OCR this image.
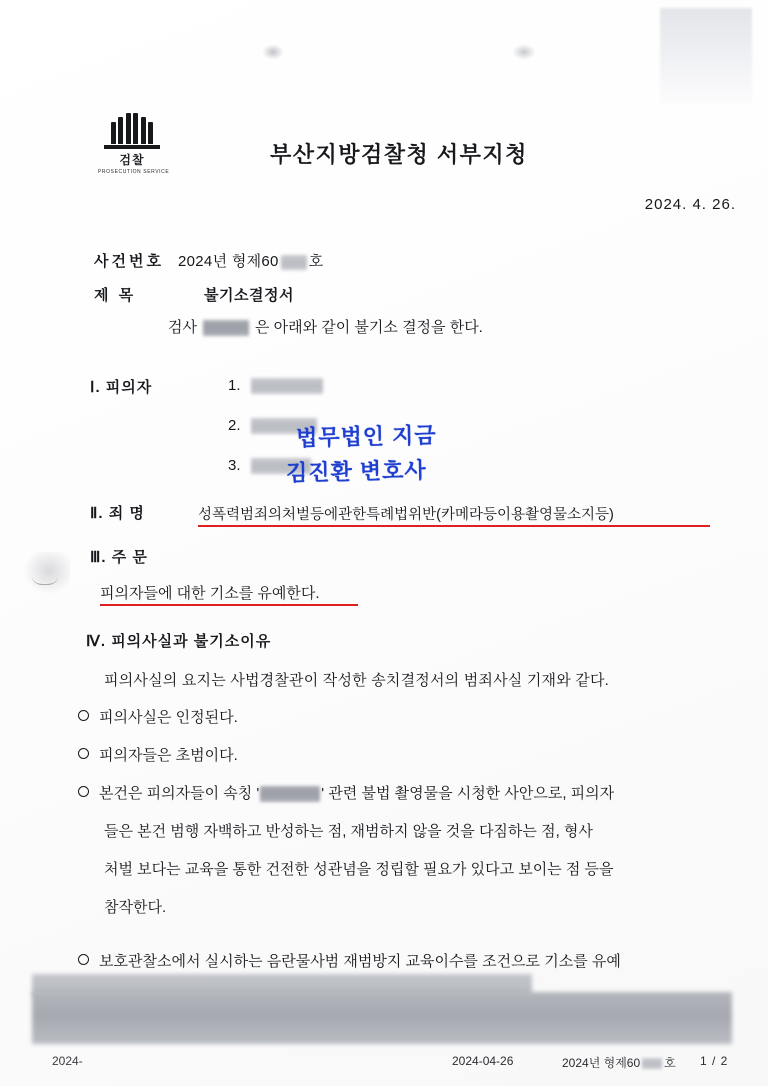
검찰
PROSECUTION SERVICE
부산지방검찰청 서부지청
2024. 4. 26.
사건번호 2024년 형제60 호
제 목	불기소결정서
검사	은 아래와 같이 불기소 결정을 한다.
Ⅰ. 피의자	1.
2.
3.
법무법인 지금
김진환 변호사
Ⅱ. 죄 명	성폭력범죄의처벌등에관한특례법위반(카메라등이용촬영물소지등)
Ⅲ. 주 문
피의자들에 대한 기소를 유예한다.
Ⅳ. 피의사실과 불기소이유
피의사실의 요지는 사법경찰관이 작성한 송치결정서의 범죄사실 기재와 같다.
피의사실은 인정된다.
피의자들은 초범이다.
본건은 피의자들이 속칭 '	' 관련 불법 촬영물을 시청한 사안으로, 피의자
들은 본건 범행 자백하고 반성하는 점, 재범하지 않을 것을 다짐하는 점, 형사
처벌 보다는 교육을 통한 건전한 성관념을 정립할 필요가 있다고 보이는 점 등을
참작한다.
보호관찰소에서 실시하는 음란물사범 재범방지 교육이수를 조건으로 기소를 유예
2024-	2024-04-26	2024년 형제60 호 1 / 2
